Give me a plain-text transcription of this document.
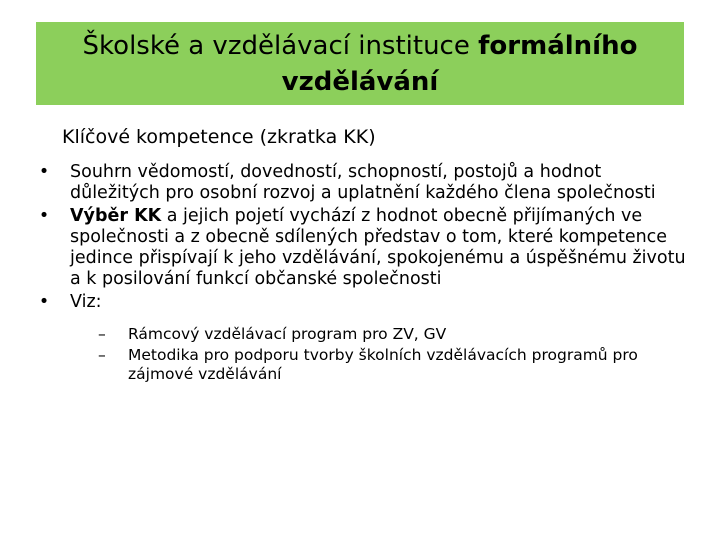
Školské a vzdělávací instituce formálního vzdělávání

Klíčové kompetence (zkratka KK)

• Souhrn vědomostí, dovedností, schopností, postojů a hodnot důležitých pro osobní rozvoj a uplatnění každého člena společnosti
• Výběr KK a jejich pojetí vychází z hodnot obecně přijímaných ve společnosti a z obecně sdílených představ o tom, které kompetence jedince přispívají k jeho vzdělávání, spokojenému a úspěšnému životu a k posilování funkcí občanské společnosti
• Viz:
– Rámcový vzdělávací program pro ZV, GV
– Metodika pro podporu tvorby školních vzdělávacích programů pro zájmové vzdělávání
